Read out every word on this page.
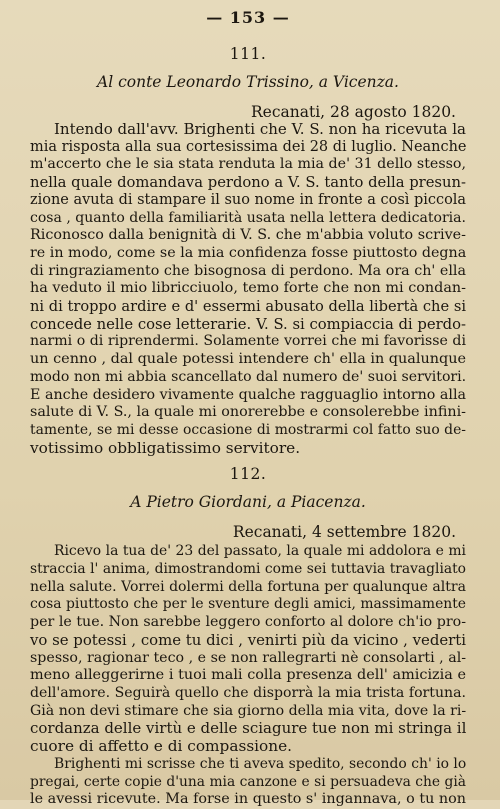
— 153 —
111.
Al conte Leonardo Trissino, a Vicenza.
Recanati, 28 agosto 1820.
Intendo dall'avv. Brighenti che V. S. non ha ricevuta la
mia risposta alla sua cortesissima dei 28 di luglio. Neanche
m'accerto che le sia stata renduta la mia de' 31 dello stesso,
nella quale domandava perdono a V. S. tanto della presun-
zione avuta di stampare il suo nome in fronte a così piccola
cosa , quanto della familiarità usata nella lettera dedicatoria.
Riconosco dalla benignità di V. S. che m'abbia voluto scrive-
re in modo, come se la mia confidenza fosse piuttosto degna
di ringraziamento che bisognosa di perdono. Ma ora ch' ella
ha veduto il mio libricciuolo, temo forte che non mi condan-
ni di troppo ardire e d' essermi abusato della libertà che si
concede nelle cose letterarie. V. S. si compiaccia di perdo-
narmi o di riprendermi. Solamente vorrei che mi favorisse di
un cenno , dal quale potessi intendere ch' ella in qualunque
modo non mi abbia scancellato dal numero de' suoi servitori.
E anche desidero vivamente qualche ragguaglio intorno alla
salute di V. S., la quale mi onorerebbe e consolerebbe infini-
tamente, se mi desse occasione di mostrarmi col fatto suo de-
votissimo obbligatissimo servitore.
112.
A Pietro Giordani, a Piacenza.
Recanati, 4 settembre 1820.
Ricevo la tua de' 23 del passato, la quale mi addolora e mi
straccia l' anima, dimostrandomi come sei tuttavia travagliato
nella salute. Vorrei dolermi della fortuna per qualunque altra
cosa piuttosto che per le sventure degli amici, massimamente
per le tue. Non sarebbe leggero conforto al dolore ch'io pro-
vo se potessi , come tu dici , venirti più da vicino , vederti
spesso, ragionar teco , e se non rallegrarti nè consolarti , al-
meno alleggerirne i tuoi mali colla presenza dell' amicizia e
dell'amore. Seguirà quello che disporrà la mia trista fortuna.
Già non devi stimare che sia giorno della mia vita, dove la ri-
cordanza delle virtù e delle sciagure tue non mi stringa il
cuore di affetto e di compassione.
Brighenti mi scrisse che ti aveva spedito, secondo ch' io lo
pregai, certe copie d'una mia canzone e si persuadeva che già
le avessi ricevute. Ma forse in questo s' ingannava, o tu non
